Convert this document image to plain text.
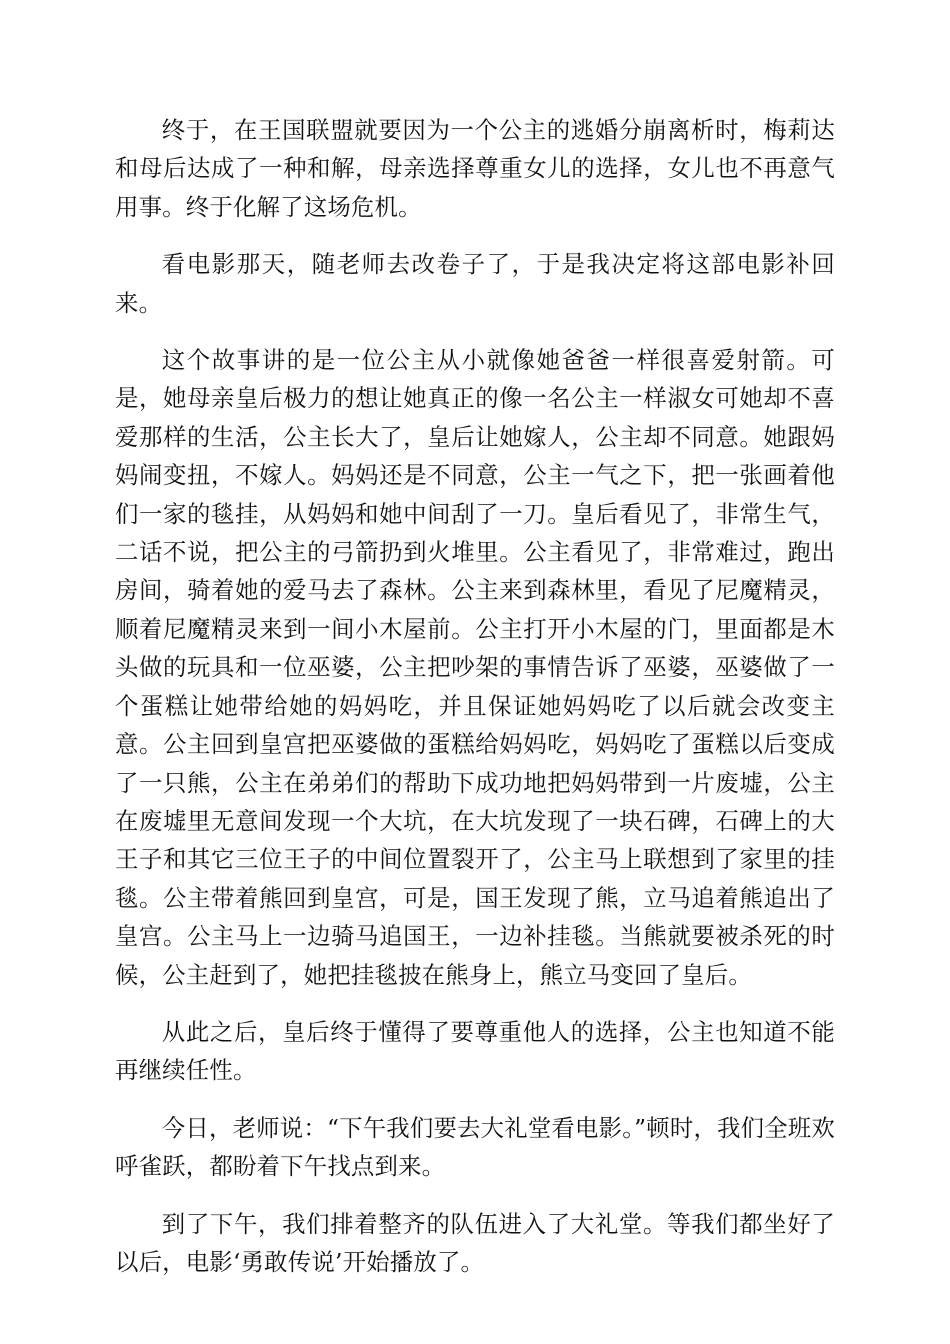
终于，在王国联盟就要因为一个公主的逃婚分崩离析时，梅莉达和母后达成了一种和解，母亲选择尊重女儿的选择，女儿也不再意气用事。终于化解了这场危机。

看电影那天，随老师去改卷子了，于是我决定将这部电影补回来。

这个故事讲的是一位公主从小就像她爸爸一样很喜爱射箭。可是，她母亲皇后极力的想让她真正的像一名公主一样淑女可她却不喜爱那样的生活，公主长大了，皇后让她嫁人，公主却不同意。她跟妈妈闹变扭，不嫁人。妈妈还是不同意，公主一气之下，把一张画着他们一家的毯挂，从妈妈和她中间刮了一刀。皇后看见了，非常生气，二话不说，把公主的弓箭扔到火堆里。公主看见了，非常难过，跑出房间，骑着她的爱马去了森林。公主来到森林里，看见了尼魔精灵，顺着尼魔精灵来到一间小木屋前。公主打开小木屋的门，里面都是木头做的玩具和一位巫婆，公主把吵架的事情告诉了巫婆，巫婆做了一个蛋糕让她带给她的妈妈吃，并且保证她妈妈吃了以后就会改变主意。公主回到皇宫把巫婆做的蛋糕给妈妈吃，妈妈吃了蛋糕以后变成了一只熊，公主在弟弟们的帮助下成功地把妈妈带到一片废墟，公主在废墟里无意间发现一个大坑，在大坑发现了一块石碑，石碑上的大王子和其它三位王子的中间位置裂开了，公主马上联想到了家里的挂毯。公主带着熊回到皇宫，可是，国王发现了熊，立马追着熊追出了皇宫。公主马上一边骑马追国王，一边补挂毯。当熊就要被杀死的时候，公主赶到了，她把挂毯披在熊身上，熊立马变回了皇后。

从此之后，皇后终于懂得了要尊重他人的选择，公主也知道不能再继续任性。

今日，老师说：“下午我们要去大礼堂看电影。”顿时，我们全班欢呼雀跃，都盼着下午找点到来。

到了下午，我们排着整齐的队伍进入了大礼堂。等我们都坐好了以后，电影‘勇敢传说’开始播放了。
